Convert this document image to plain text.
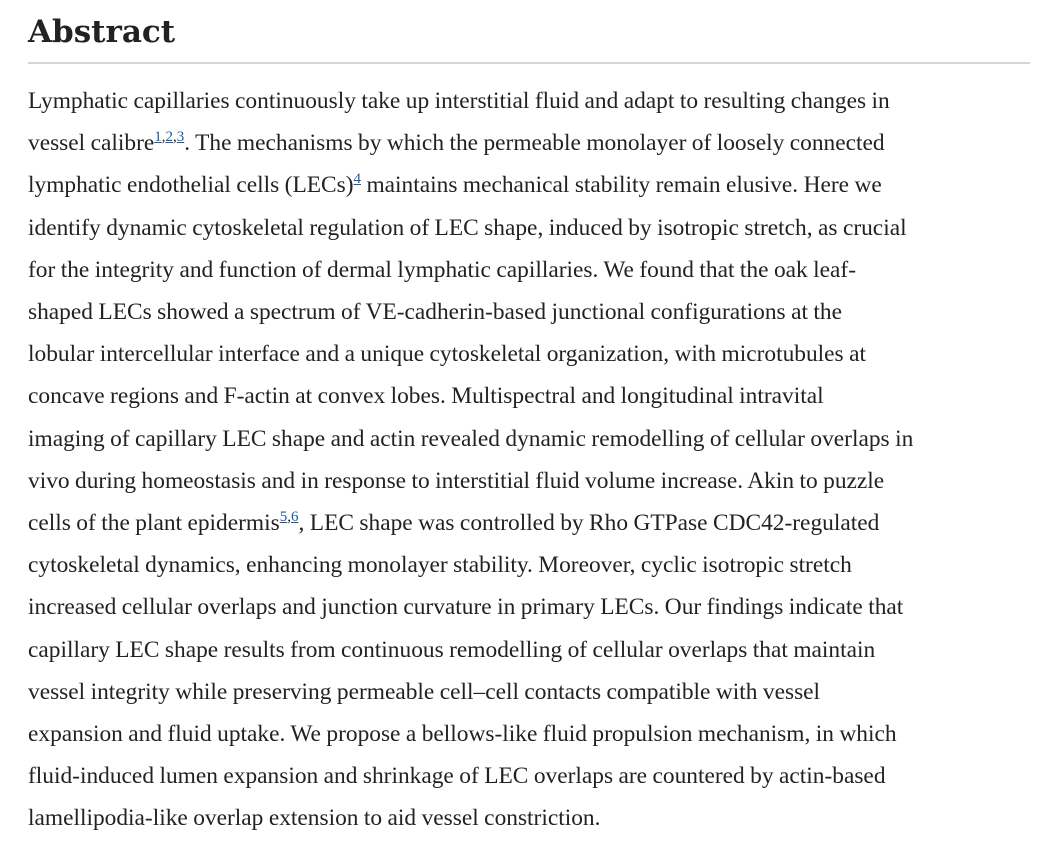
Abstract

Lymphatic capillaries continuously take up interstitial fluid and adapt to resulting changes in
vessel calibre$^{1,2,3}$. The mechanisms by which the permeable monolayer of loosely connected
lymphatic endothelial cells (LECs)$^4$ maintains mechanical stability remain elusive. Here we
identify dynamic cytoskeletal regulation of LEC shape, induced by isotropic stretch, as crucial
for the integrity and function of dermal lymphatic capillaries. We found that the oak leaf-
shaped LECs showed a spectrum of VE-cadherin-based junctional configurations at the
lobular intercellular interface and a unique cytoskeletal organization, with microtubules at
concave regions and F-actin at convex lobes. Multispectral and longitudinal intravital
imaging of capillary LEC shape and actin revealed dynamic remodelling of cellular overlaps in
vivo during homeostasis and in response to interstitial fluid volume increase. Akin to puzzle
cells of the plant epidermis$^{5,6}$, LEC shape was controlled by Rho GTPase CDC42-regulated
cytoskeletal dynamics, enhancing monolayer stability. Moreover, cyclic isotropic stretch
increased cellular overlaps and junction curvature in primary LECs. Our findings indicate that
capillary LEC shape results from continuous remodelling of cellular overlaps that maintain
vessel integrity while preserving permeable cell–cell contacts compatible with vessel
expansion and fluid uptake. We propose a bellows-like fluid propulsion mechanism, in which
fluid-induced lumen expansion and shrinkage of LEC overlaps are countered by actin-based
lamellipodia-like overlap extension to aid vessel constriction.
